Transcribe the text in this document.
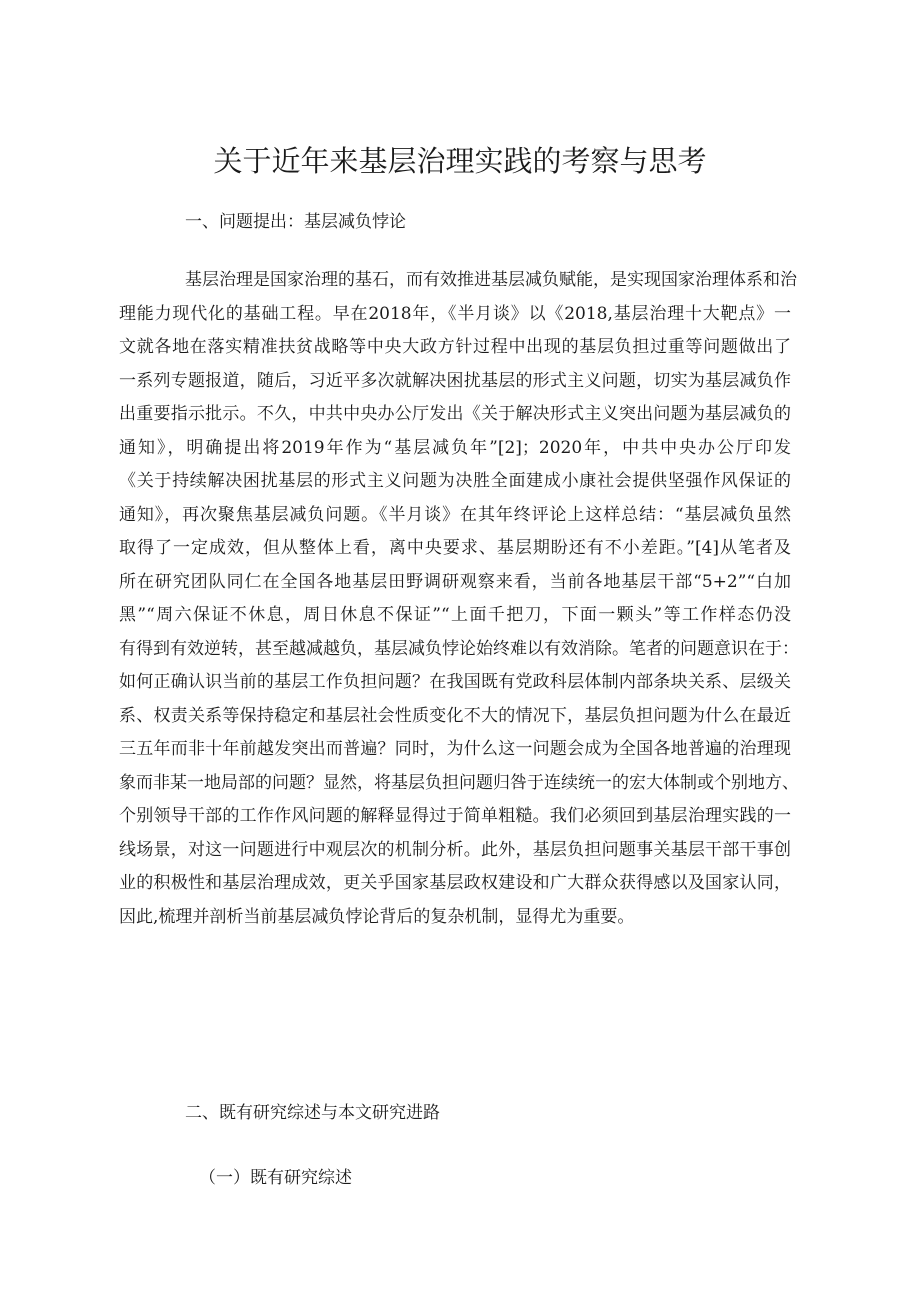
关于近年来基层治理实践的考察与思考

一、问题提出：基层减负悖论

基层治理是国家治理的基石，而有效推进基层减负赋能，是实现国家治理体系和治
理能力现代化的基础工程。早在2018年，《半月谈》以《2018,基层治理十大靶点》一
文就各地在落实精准扶贫战略等中央大政方针过程中出现的基层负担过重等问题做出了
一系列专题报道，随后，习近平多次就解决困扰基层的形式主义问题，切实为基层减负作
出重要指示批示。不久，中共中央办公厅发出《关于解决形式主义突出问题为基层减负的
通知》，明确提出将2019年作为“基层减负年”[2]；2020年，中共中央办公厅印发
《关于持续解决困扰基层的形式主义问题为决胜全面建成小康社会提供坚强作风保证的
通知》，再次聚焦基层减负问题。《半月谈》在其年终评论上这样总结：“基层减负虽然
取得了一定成效，但从整体上看，离中央要求、基层期盼还有不小差距。”[4]从笔者及
所在研究团队同仁在全国各地基层田野调研观察来看，当前各地基层干部“5+2”“白加
黑”“周六保证不休息，周日休息不保证”“上面千把刀，下面一颗头”等工作样态仍没
有得到有效逆转，甚至越减越负，基层减负悖论始终难以有效消除。笔者的问题意识在于：
如何正确认识当前的基层工作负担问题？在我国既有党政科层体制内部条块关系、层级关
系、权责关系等保持稳定和基层社会性质变化不大的情况下，基层负担问题为什么在最近
三五年而非十年前越发突出而普遍？同时，为什么这一问题会成为全国各地普遍的治理现
象而非某一地局部的问题？显然，将基层负担问题归咎于连续统一的宏大体制或个别地方、
个别领导干部的工作作风问题的解释显得过于简单粗糙。我们必须回到基层治理实践的一
线场景，对这一问题进行中观层次的机制分析。此外，基层负担问题事关基层干部干事创
业的积极性和基层治理成效，更关乎国家基层政权建设和广大群众获得感以及国家认同，
因此,梳理并剖析当前基层减负悖论背后的复杂机制，显得尤为重要。

二、既有研究综述与本文研究进路

（一）既有研究综述
